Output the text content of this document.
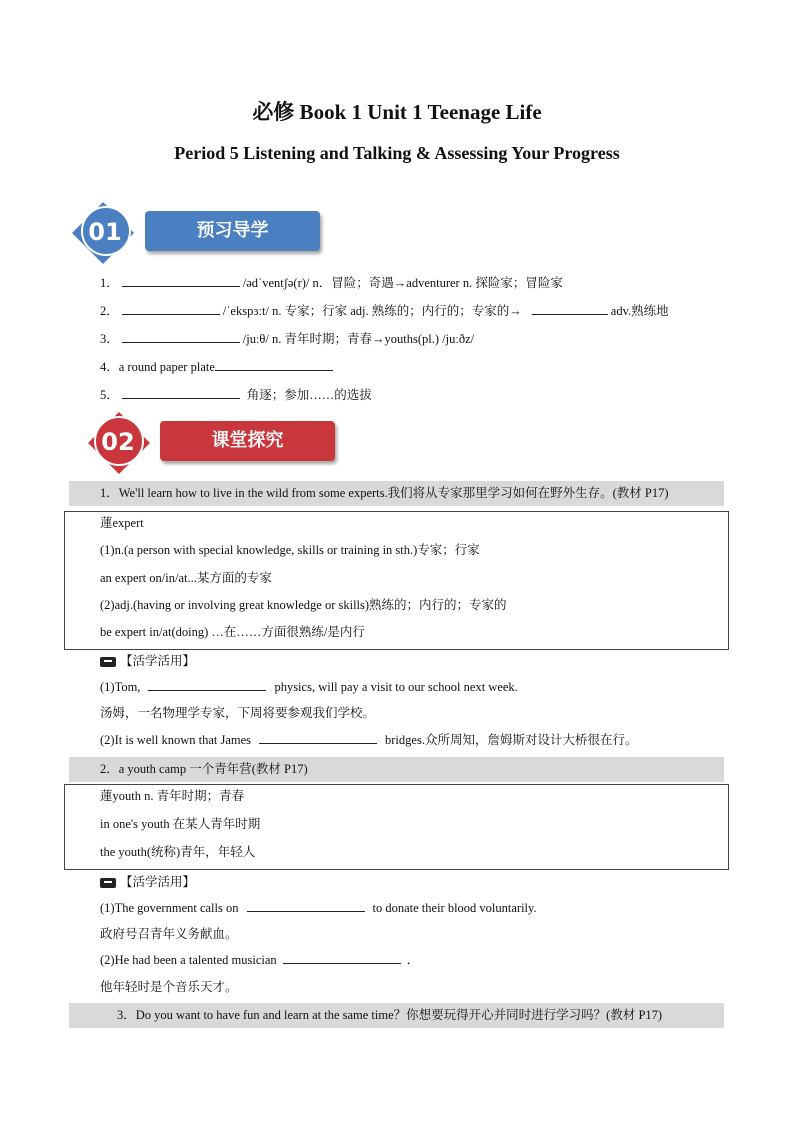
必修 Book 1 Unit 1 Teenage Life
Period 5 Listening and Talking & Assessing Your Progress
01	预习导学
1．	/ədˈventʃə(r)/ n．冒险；奇遇→adventurer n. 探险家；冒险家
2．	/ˈekspɜːt/ n. 专家；行家 adj. 熟练的；内行的；专家的→	adv.熟练地
3．	/juːθ/ n. 青年时期；青春→youths(pl.) /juːðz/
4．a round paper plate
5．	角逐；参加……的选拔
02	课堂探究
1．We'll learn how to live in the wild from some experts.我们将从专家那里学习如何在野外生存。(教材 P17)
蓮expert
(1)n.(a person with special knowledge, skills or training in sth.)专家；行家
an expert on/in/at...某方面的专家
(2)adj.(having or involving great knowledge or skills)熟练的；内行的；专家的
be expert in/at(doing) …在……方面很熟练/是内行
【活学活用】
(1)Tom,	physics, will pay a visit to our school next week.
汤姆，一名物理学专家，下周将要参观我们学校。
(2)It is well known that James	bridges.众所周知，詹姆斯对设计大桥很在行。
2．a youth camp 一个青年营(教材 P17)
蓮youth n. 青年时期；青春
in one's youth 在某人青年时期
the youth(统称)青年，年轻人
【活学活用】
(1)The government calls on	to donate their blood voluntarily.
政府号召青年义务献血。
(2)He had been a talented musician	．
他年轻时是个音乐天才。
3．Do you want to have fun and learn at the same time？你想要玩得开心并同时进行学习吗？(教材 P17)
